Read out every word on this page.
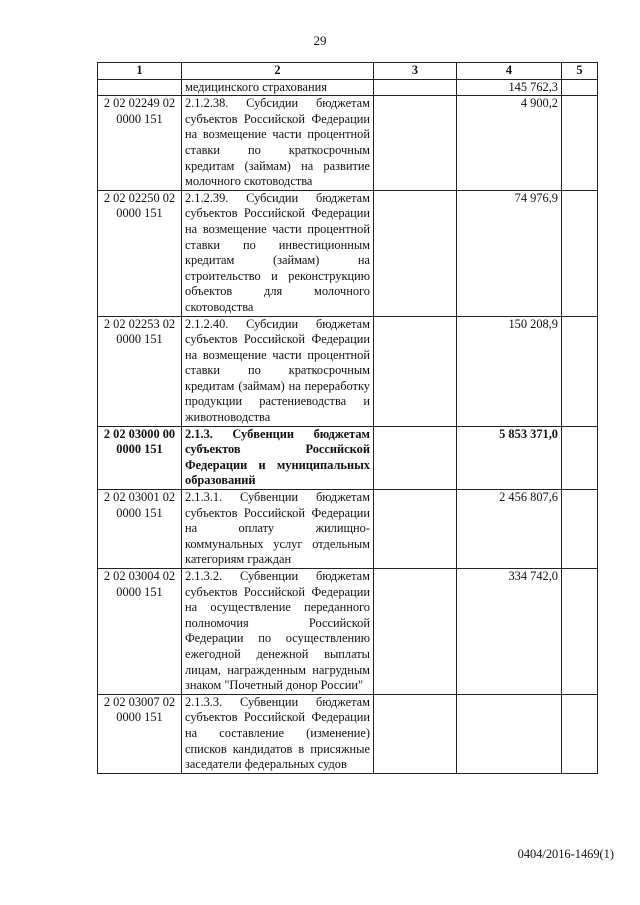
29
1	2	3	4	5
	медицинского страхования		145 762,3	
2 02 02249 02 0000 151	2.1.2.38. Субсидии бюджетам субъектов Российской Федерации на возмещение части процентной ставки по краткосрочным кредитам (займам) на развитие молочного скотоводства		4 900,2	
2 02 02250 02 0000 151	2.1.2.39. Субсидии бюджетам субъектов Российской Федерации на возмещение части процентной ставки по инвестиционным кредитам (займам) на строительство и реконструкцию объектов для молочного скотоводства		74 976,9	
2 02 02253 02 0000 151	2.1.2.40. Субсидии бюджетам субъектов Российской Федерации на возмещение части процентной ставки по краткосрочным кредитам (займам) на переработку продукции растениеводства и животноводства		150 208,9	
2 02 03000 00 0000 151	2.1.3. Субвенции бюджетам субъектов Российской Федерации и муниципальных образований		5 853 371,0	
2 02 03001 02 0000 151	2.1.3.1. Субвенции бюджетам субъектов Российской Федерации на оплату жилищно-коммунальных услуг отдельным категориям граждан		2 456 807,6	
2 02 03004 02 0000 151	2.1.3.2. Субвенции бюджетам субъектов Российской Федерации на осуществление переданного полномочия Российской Федерации по осуществлению ежегодной денежной выплаты лицам, награжденным нагрудным знаком "Почетный донор России"		334 742,0	
2 02 03007 02 0000 151	2.1.3.3. Субвенции бюджетам субъектов Российской Федерации на составление (изменение) списков кандидатов в присяжные заседатели федеральных судов			
0404/2016-1469(1)
